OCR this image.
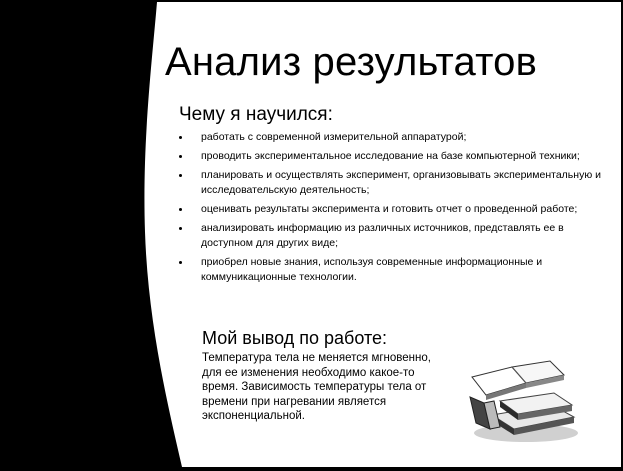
Анализ результатов
Чему я научился:
работать с современной измерительной аппаратурой;
проводить экспериментальное исследование на базе компьютерной техники;
планировать и осуществлять эксперимент, организовывать экспериментальную и исследовательскую деятельность;
оценивать результаты эксперимента и готовить отчет о проведенной работе;
анализировать информацию из различных источников, представлять ее в доступном для других виде;
приобрел новые знания, используя современные информационные и коммуникационные технологии.
Мой вывод по работе:

Температура тела не меняется мгновенно, для ее изменения необходимо какое-то время. Зависимость температуры тела от времени при нагревании является экспоненциальной.
